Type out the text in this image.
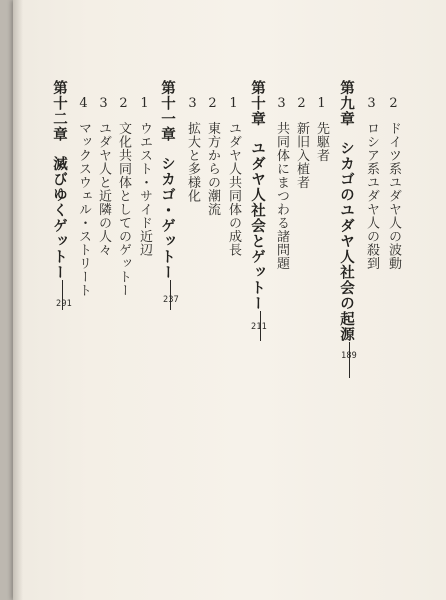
2ドイツ系ユダヤ人の波動
3ロシア系ユダヤ人の殺到
第九章シカゴのユダヤ人社会の起源
189
1先駆者
2新旧入植者
3共同体にまつわる諸問題
第十章ユダヤ人社会とゲットー
211
1ユダヤ人共同体の成長
2東方からの潮流
3拡大と多様化
第十一章シカゴ・ゲットー
237
1ウエスト・サイド近辺
2文化共同体としてのゲットー
3ユダヤ人と近隣の人々
4マックスウェル・ストリート
第十二章滅びゆくゲットー
291
